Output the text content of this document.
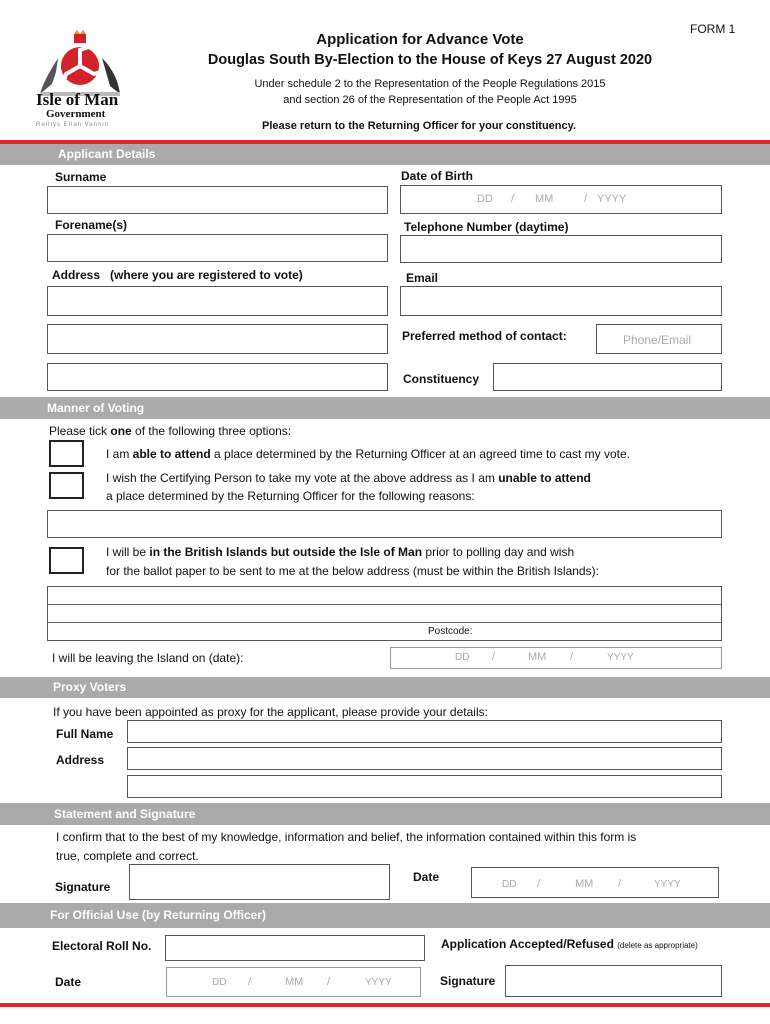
Isle of Man
Government
Reiltys Ellan Vannin
FORM 1
Application for Advance Vote
Douglas South By-Election to the House of Keys 27 August 2020
Under schedule 2 to the Representation of the People Regulations 2015
and section 26 of the Representation of the People Act 1995
Please return to the Returning Officer for your constituency.
Applicant Details
Surname	Date of Birth
DD / MM	/ YYYY
Forename(s)	Telephone Number (daytime)
Address (where you are registered to vote)	Email
Preferred method of contact:	Phone/Email
Constituency
Manner of Voting
Please tick one of the following three options:
I am able to attend a place determined by the Returning Officer at an agreed time to cast my vote.
I wish the Certifying Person to take my vote at the above address as I am unable to attend
a place determined by the Returning Officer for the following reasons:
I will be in the British Islands but outside the Isle of Man prior to polling day and wish
for the ballot paper to be sent to me at the below address (must be within the British Islands):
Postcode:
I will be leaving the Island on (date):	DD /	MM /	YYYY
Proxy Voters
If you have been appointed as proxy for the applicant, please provide your details:
Full Name
Address
Statement and Signature
I confirm that to the best of my knowledge, information and belief, the information contained within this form is
true, complete and correct.
Signature
Date
DD /	MM /	YYYY
For Official Use (by Returning Officer)
Electoral Roll No.	Application Accepted/Refused (delete as appropriate)
Date	DD /	MM /	YYYY	Signature
